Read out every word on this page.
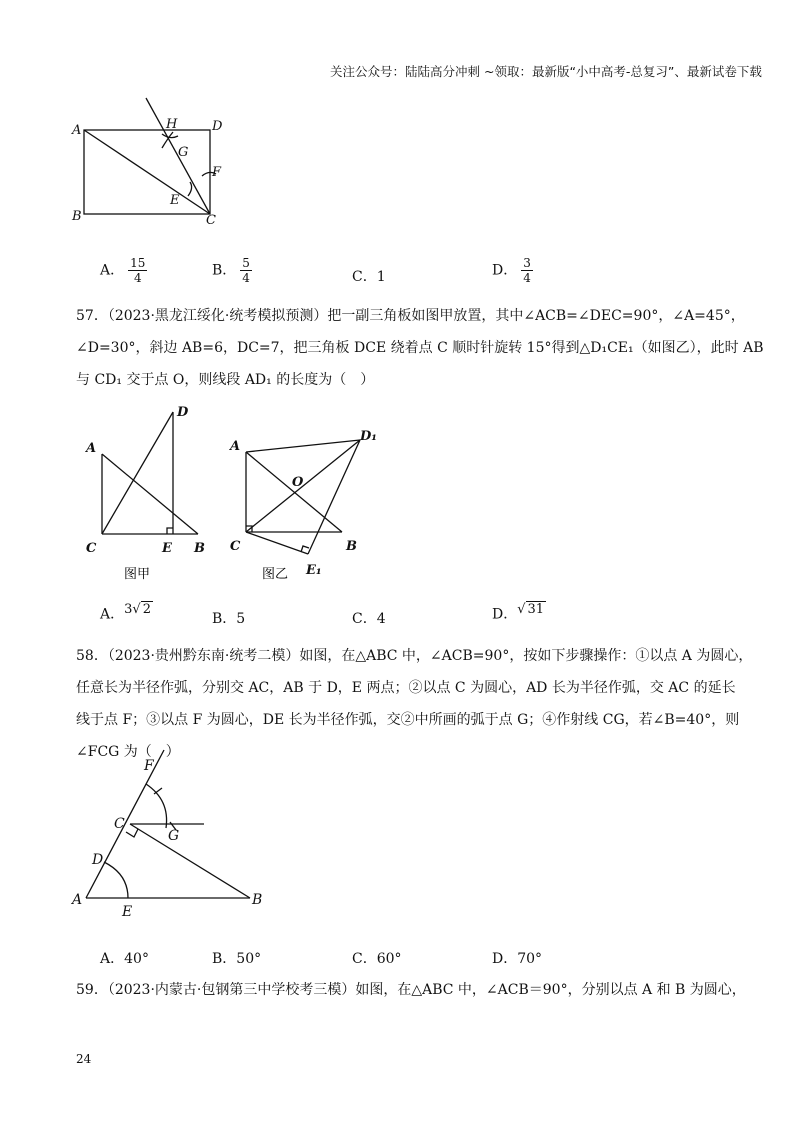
关注公众号：陆陆高分冲刺 ~领取：最新版“小中高考-总复习”、最新试卷下载
A	H	D
G
F
E
B	C
A． $\frac{15}{4}$	B． $\frac{5}{4}$	C．1	D． $\frac{3}{4}$
57．（2023·黑龙江绥化·统考模拟预测）把一副三角板如图甲放置，其中∠ACB=∠DEC=90°，∠A=45°，
∠D=30°，斜边 AB=6，DC=7，把三角板 DCE 绕着点 C 顺时针旋转 15°得到△D₁CE₁（如图乙），此时 AB
与 CD₁ 交于点 O，则线段 AD₁ 的长度为（　）
D
A
C	E B
图甲
A
D₁
O
C	B
E₁
图乙
A．3√ 2
B．5	C．4	D．√ 31
58．（2023·贵州黔东南·统考二模）如图，在△ABC 中，∠ACB=90°，按如下步骤操作：①以点 A 为圆心，
任意长为半径作弧，分别交 AC，AB 于 D，E 两点；②以点 C 为圆心，AD 长为半径作弧，交 AC 的延长
线于点 F；③以点 F 为圆心，DE 长为半径作弧，交②中所画的弧于点 G；④作射线 CG，若∠B=40°，则
∠FCG 为（　）
F
C
G
D
A
E
B
A．40°	B．50°	C．60°	D．70°
59．（2023·内蒙古·包钢第三中学校考三模）如图，在△ABC 中，∠ACB＝90°，分别以点 A 和 B 为圆心，
24
